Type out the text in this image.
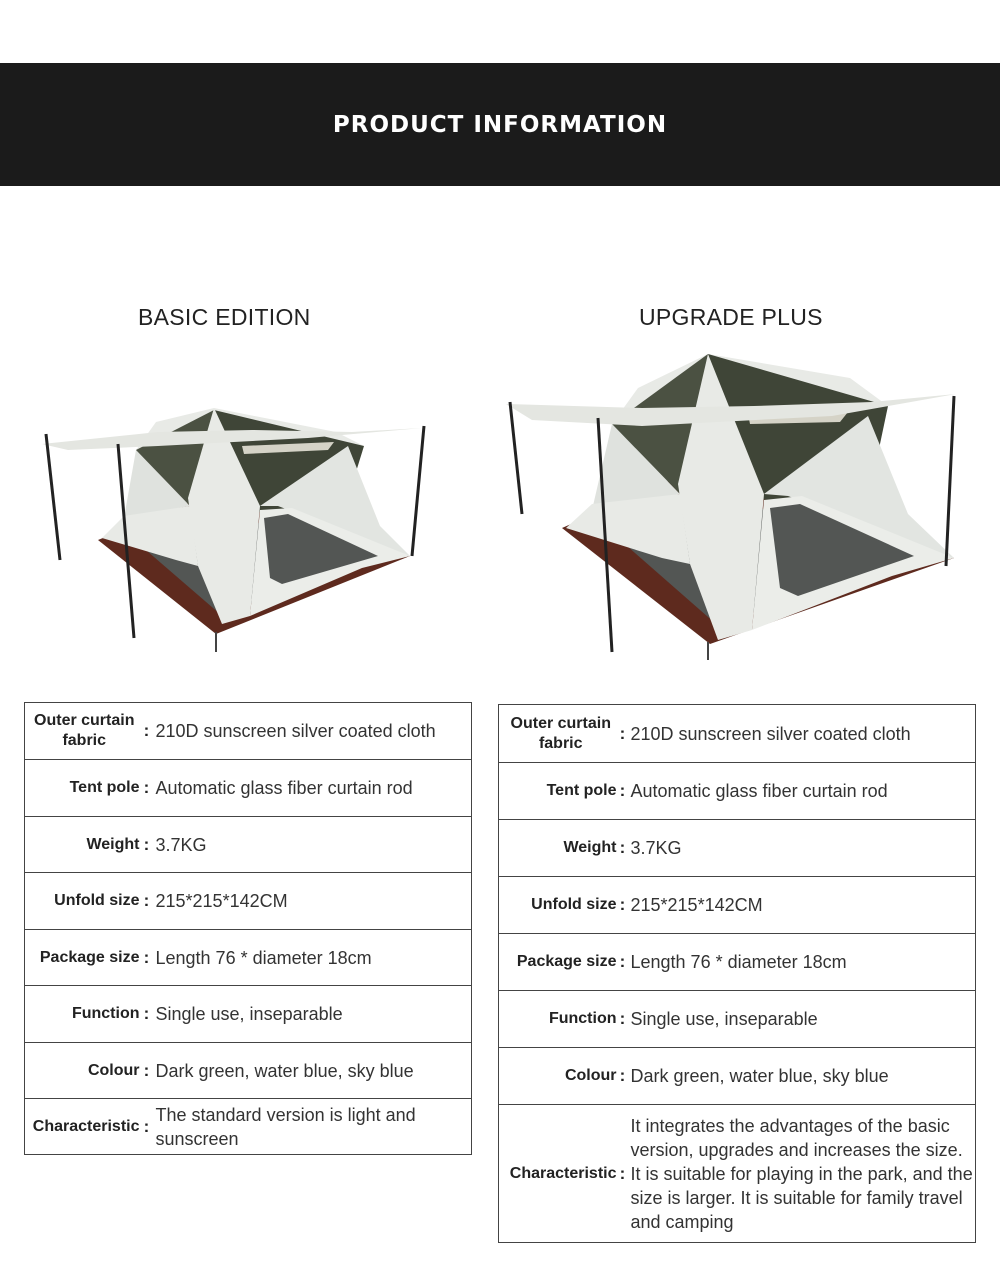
PRODUCT INFORMATION
BASIC EDITION	UPGRADE PLUS
Outer curtain fabric	:	210D sunscreen silver coated cloth
Tent pole	:	Automatic glass fiber curtain rod
Weight	:	3.7KG
Unfold size	:	215*215*142CM
Package size	:	Length 76 * diameter 18cm
Function	:	Single use, inseparable
Colour	:	Dark green, water blue, sky blue
Characteristic	:	The standard version is light and sunscreen
Outer curtain fabric	:	210D sunscreen silver coated cloth
Tent pole	:	Automatic glass fiber curtain rod
Weight	:	3.7KG
Unfold size	:	215*215*142CM
Package size	:	Length 76 * diameter 18cm
Function	:	Single use, inseparable
Colour	:	Dark green, water blue, sky blue
Characteristic	:	It integrates the advantages of the basic version, upgrades and increases the size. It is suitable for playing in the park, and the size is larger. It is suitable for family travel and camping
